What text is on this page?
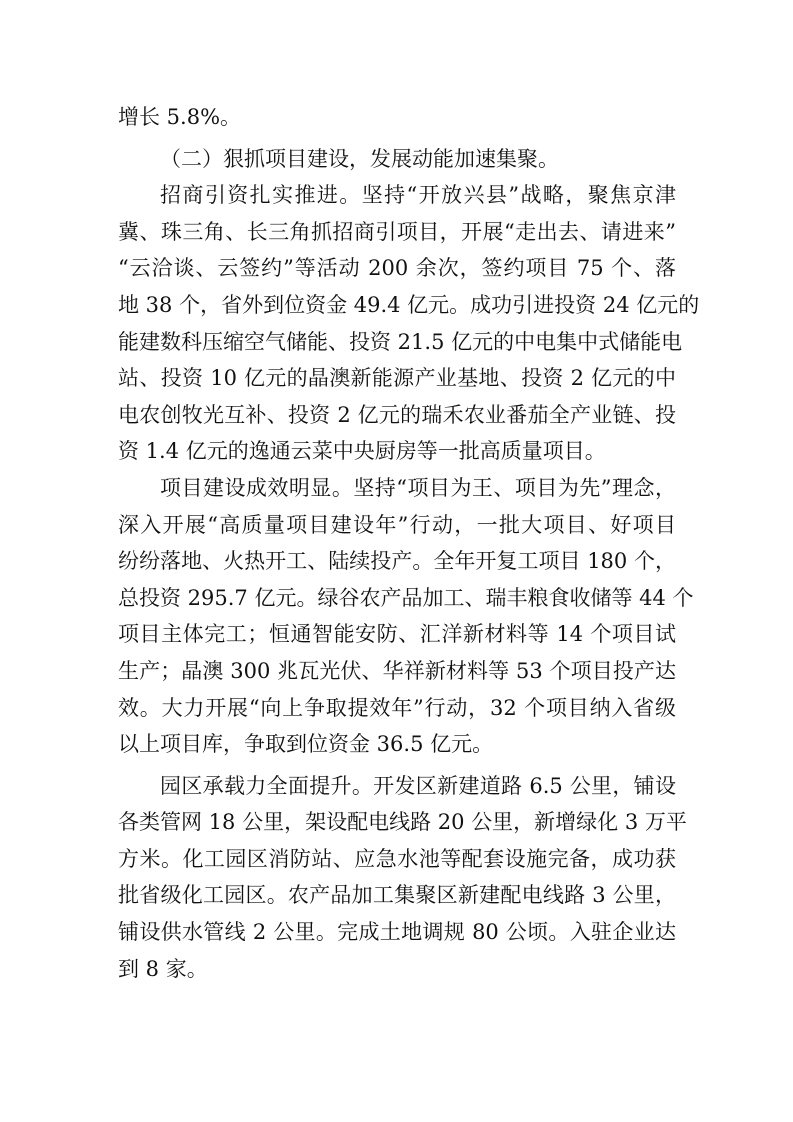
增长 5.8%。
（二）狠抓项目建设，发展动能加速集聚。
招商引资扎实推进。坚持“开放兴县”战略，聚焦京津
冀、珠三角、长三角抓招商引项目，开展“走出去、请进来”
“云洽谈、云签约”等活动 200 余次，签约项目 75 个、落
地 38 个，省外到位资金 49.4 亿元。成功引进投资 24 亿元的
能建数科压缩空气储能、投资 21.5 亿元的中电集中式储能电
站、投资 10 亿元的晶澳新能源产业基地、投资 2 亿元的中
电农创牧光互补、投资 2 亿元的瑞禾农业番茄全产业链、投
资 1.4 亿元的逸通云菜中央厨房等一批高质量项目。
项目建设成效明显。坚持“项目为王、项目为先”理念，
深入开展“高质量项目建设年”行动，一批大项目、好项目
纷纷落地、火热开工、陆续投产。全年开复工项目 180 个，
总投资 295.7 亿元。绿谷农产品加工、瑞丰粮食收储等 44 个
项目主体完工；恒通智能安防、汇洋新材料等 14 个项目试
生产；晶澳 300 兆瓦光伏、华祥新材料等 53 个项目投产达
效。大力开展“向上争取提效年”行动，32 个项目纳入省级
以上项目库，争取到位资金 36.5 亿元。
园区承载力全面提升。开发区新建道路 6.5 公里，铺设
各类管网 18 公里，架设配电线路 20 公里，新增绿化 3 万平
方米。化工园区消防站、应急水池等配套设施完备，成功获
批省级化工园区。农产品加工集聚区新建配电线路 3 公里，
铺设供水管线 2 公里。完成土地调规 80 公顷。入驻企业达
到 8 家。
